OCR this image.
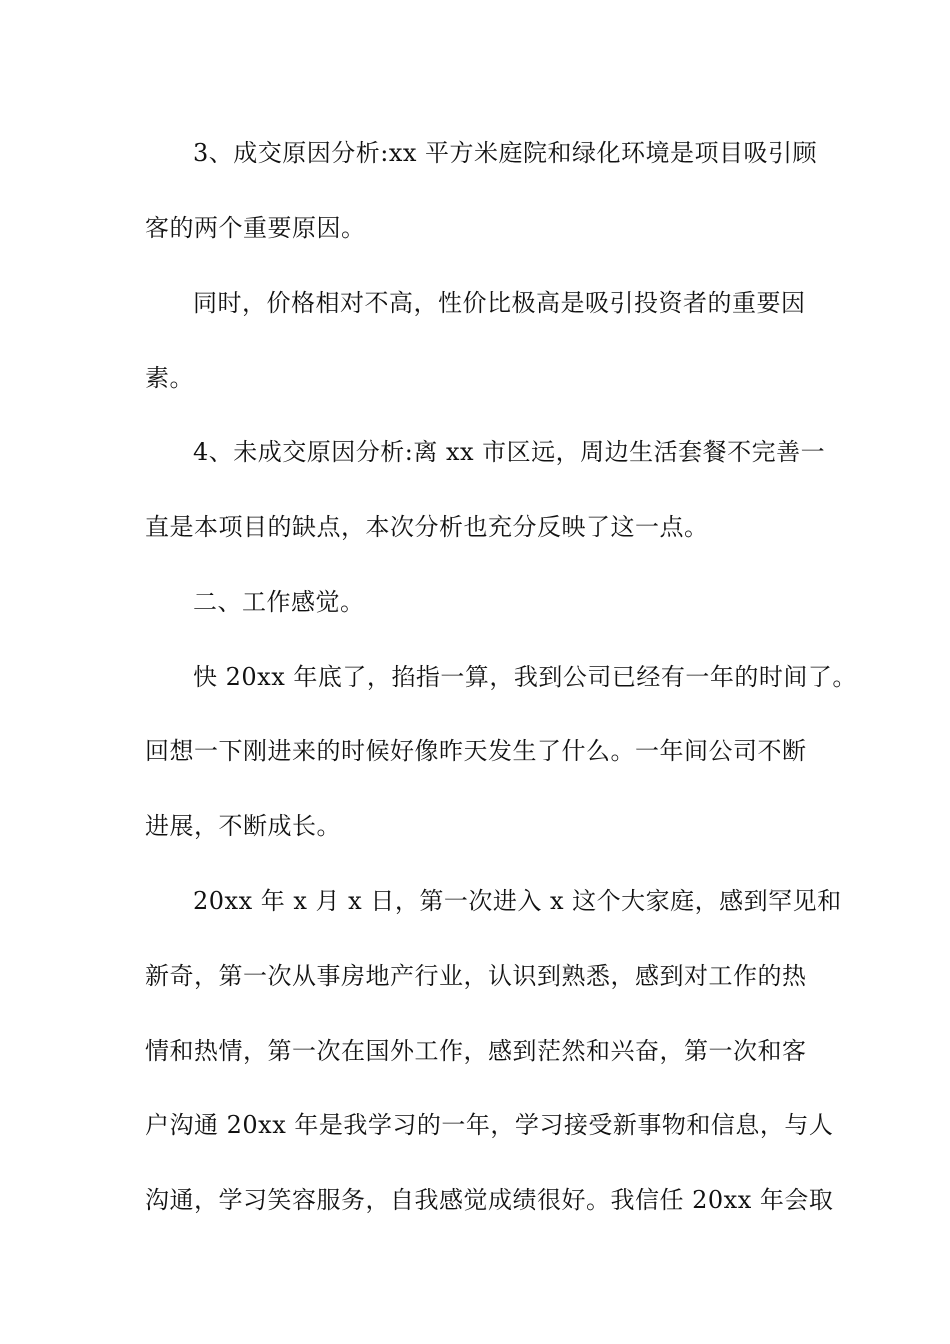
3、成交原因分析:xx 平方米庭院和绿化环境是项目吸引顾
客的两个重要原因。
同时，价格相对不高，性价比极高是吸引投资者的重要因
素。
4、未成交原因分析:离 xx 市区远，周边生活套餐不完善一
直是本项目的缺点，本次分析也充分反映了这一点。
二、工作感觉。
快 20xx 年底了，掐指一算，我到公司已经有一年的时间了。
回想一下刚进来的时候好像昨天发生了什么。一年间公司不断
进展，不断成长。
20xx 年 x 月 x 日，第一次进入 x 这个大家庭，感到罕见和
新奇，第一次从事房地产行业，认识到熟悉，感到对工作的热
情和热情，第一次在国外工作，感到茫然和兴奋，第一次和客
户沟通 20xx 年是我学习的一年，学习接受新事物和信息，与人
沟通，学习笑容服务，自我感觉成绩很好。我信任 20xx 年会取
